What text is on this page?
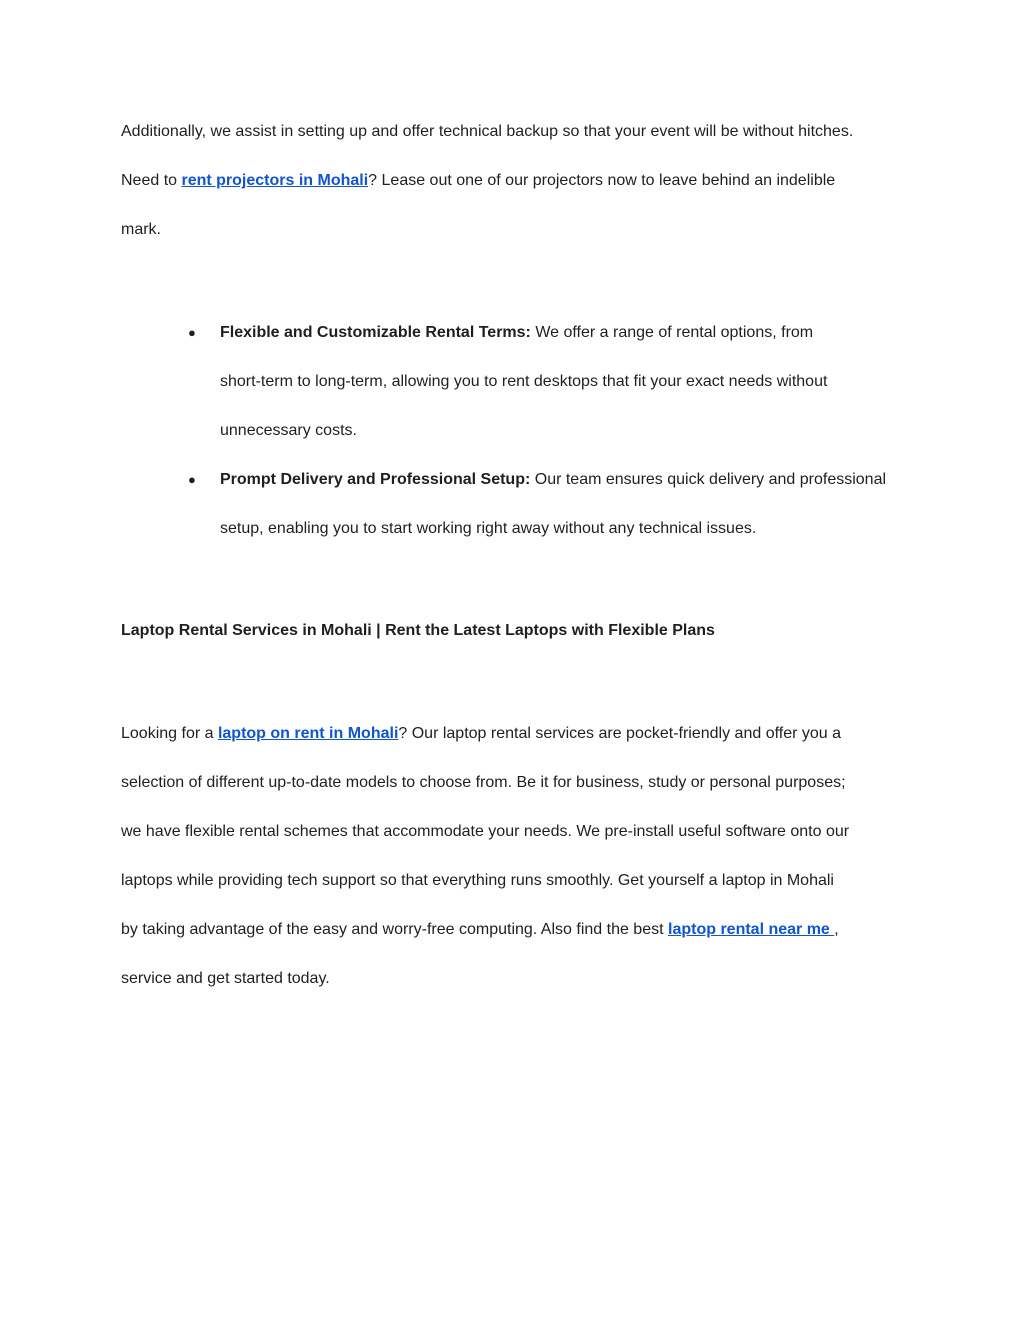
Additionally, we assist in setting up and offer technical backup so that your event will be without hitches.
Need to rent projectors in Mohali? Lease out one of our projectors now to leave behind an indelible
mark.
● Flexible and Customizable Rental Terms: We offer a range of rental options, from
short-term to long-term, allowing you to rent desktops that fit your exact needs without
unnecessary costs.
● Prompt Delivery and Professional Setup: Our team ensures quick delivery and professional
setup, enabling you to start working right away without any technical issues.
Laptop Rental Services in Mohali | Rent the Latest Laptops with Flexible Plans
Looking for a laptop on rent in Mohali? Our laptop rental services are pocket-friendly and offer you a
selection of different up-to-date models to choose from. Be it for business, study or personal purposes;
we have flexible rental schemes that accommodate your needs. We pre-install useful software onto our
laptops while providing tech support so that everything runs smoothly. Get yourself a laptop in Mohali
by taking advantage of the easy and worry-free computing. Also find the best laptop rental near me ,
service and get started today.
